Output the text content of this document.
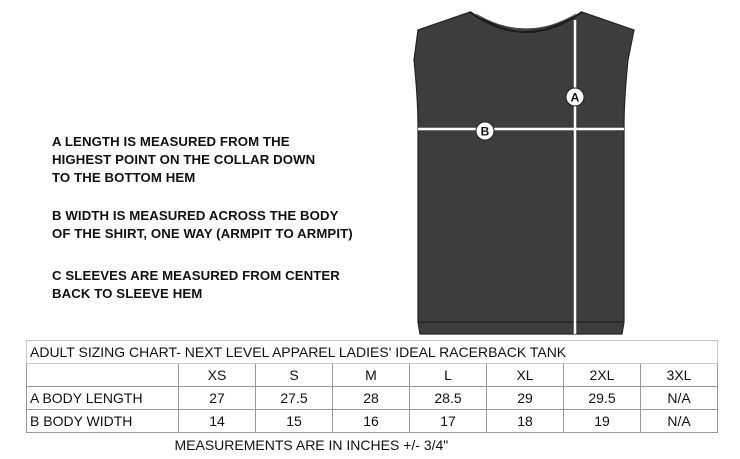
A LENGTH IS MEASURED FROM THE
HIGHEST POINT ON THE COLLAR DOWN
TO THE BOTTOM HEM

B WIDTH IS MEASURED ACROSS THE BODY
OF THE SHIRT, ONE WAY (ARMPIT TO ARMPIT)

C SLEEVES ARE MEASURED FROM CENTER
BACK TO SLEEVE HEM

A
B
ADULT SIZING CHART- NEXT LEVEL APPAREL LADIES' IDEAL RACERBACK TANK							
	XS	S	M	L	XL	2XL	3XL
A BODY LENGTH	27	27.5	28	28.5	29	29.5	N/A
B BODY WIDTH	14	15	16	17	18	19	N/A
MEASUREMENTS ARE IN INCHES +/- 3/4"							
